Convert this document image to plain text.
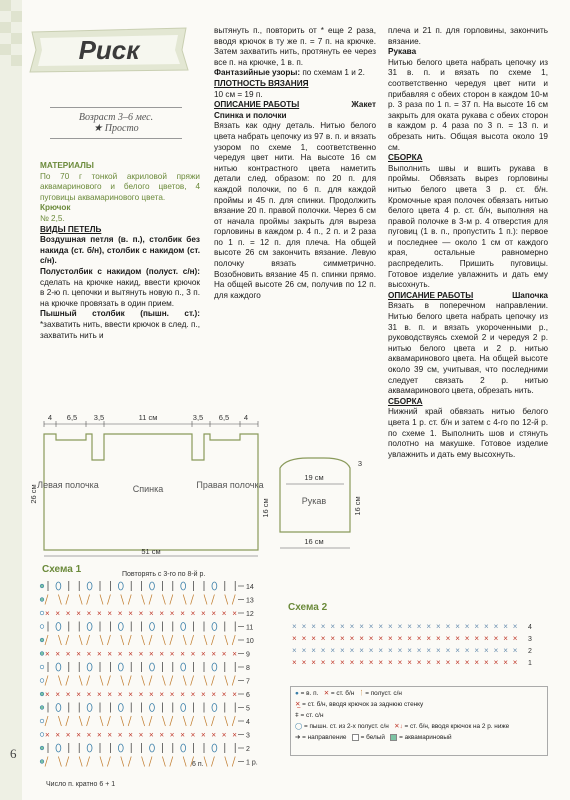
Риск
Возраст 3–6 мес.
★ Просто
МАТЕРИАЛЫ
По 70 г тонкой акриловой пряжи аквамаринового и белого цветов, 4 пуговицы аквамаринового цвета.
Крючок
№ 2,5.
ВИДЫ ПЕТЕЛЬ
Воздушная петля (в. п.), столбик без накида (ст. б/н), столбик с накидом (ст. с/н).
Полустолбик с накидом (полуст. с/н): сделать на крючке накид, ввести крючок в 2-ю п. цепочки и вытянуть новую п., 3 п. на крючке провязать в один прием.
Пышный столбик (пышн. ст.): *захватить нить, ввести крючок в след. п., захватить нить и
вытянуть п., повторить от * еще 2 раза, вводя крючок в ту же п. = 7 п. на крючке. Затем захватить нить, протянуть ее через все п. на крючке, 1 в. п.
Фантазийные узоры: по схемам 1 и 2.
ПЛОТНОСТЬ ВЯЗАНИЯ
10 см = 19 п.
ОПИСАНИЕ РАБОТЫ	Жакет
Спинка и полочки
Вязать как одну деталь. Нитью белого цвета набрать цепочку из 97 в. п. и вязать узором по схеме 1, соответственно чередуя цвет нити. На высоте 16 см нитью контрастного цвета наметить детали след. образом: по 20 п. для каждой полочки, по 6 п. для каждой проймы и 45 п. для спинки. Продолжить вязание 20 п. правой полочки. Через 6 см от начала проймы закрыть для выреза горловины в каждом р. 4 п., 2 п. и 2 раза по 1 п. = 12 п. для плеча. На общей высоте 26 см закончить вязание. Левую полочку вязать симметрично. Возобновить вязание 45 п. спинки прямо. На общей высоте 26 см, получив по 12 п. для каждого
плеча и 21 п. для горловины, закончить вязание.
Рукава
Нитью белого цвета набрать цепочку из 31 в. п. и вязать по схеме 1, соответственно чередуя цвет нити и прибавляя с обеих сторон в каждом 10-м р. 3 раза по 1 п. = 37 п. На высоте 16 см закрыть для оката рукава с обеих сторон в каждом р. 4 раза по 3 п. = 13 п. и обрезать нить. Общая высота около 19 см.
СБОРКА
Выполнить швы и вшить рукава в проймы. Обвязать вырез горловины нитью белого цвета 3 р. ст. б/н. Кромочные края полочек обвязать нитью белого цвета 4 р. ст. б/н, выполняя на правой полочке в 3-м р. 4 отверстия для пуговиц (1 в. п., пропустить 1 п.): первое и последнее — около 1 см от каждого края, остальные равномерно распределить. Пришить пуговицы. Готовое изделие увлажнить и дать ему высохнуть.
ОПИСАНИЕ РАБОТЫ	Шапочка
Вязать в поперечном направлении. Нитью белого цвета набрать цепочку из 31 в. п. и вязать укороченными р., руководствуясь схемой 2 и чередуя 2 р. нитью белого цвета и 2 р. нитью аквамаринового цвета. На общей высоте около 39 см, учитывая, что последними следует связать 2 р. нитью аквамаринового цвета, обрезать нить.
СБОРКА
Нижний край обвязать нитью белого цвета 1 р. ст. б/н и затем с 4-го по 12-й р. по схеме 1. Выполнить шов и стянуть полотно на макушке. Готовое изделие увлажнить и дать ему высохнуть.
4 6,5 3,5	11 см	3,5 6,5 4
Левая полочка	Спинка	Правая полочка
26 см
16 см
51 см
19 см
Рукав
3
16 см
16 см
Схема 1	Повторять с 3-го по 8-й р.
× × × × × × × × × × × × × × × × × × ×
× × × × × × × × × × × × × × × × × × ×
× × × × × × × × × × × × × × × × × × ×
× × × × × × × × × × × × × × × × × × ×
14
13
12
11
10
9
8
7
6
5
4
3
2
1 р.
6 п.
Число п. кратно 6 + 1
Схема 2
× × × × × × × × × × × × × × × × × × × × × × × × 4
× × × × × × × × × × × × × × × × × × × × × × × × 3
× × × × × × × × × × × × × × × × × × × × × × × × 2
× × × × × × × × × × × × × × × × × × × × × × × × 1
● = в. п. ✕ = ст. б/н ᛙ = полуст. с/н
✕̲ = ст. б/н, вводя крючок за заднюю стенку
ǂ = ст. с/н
◯ = пышн. ст. из 2-х полуст. с/н ✕↓ = ст. б/н, вводя крючок на 2 р. ниже
➔ = направление = белый = аквамариновый
6
